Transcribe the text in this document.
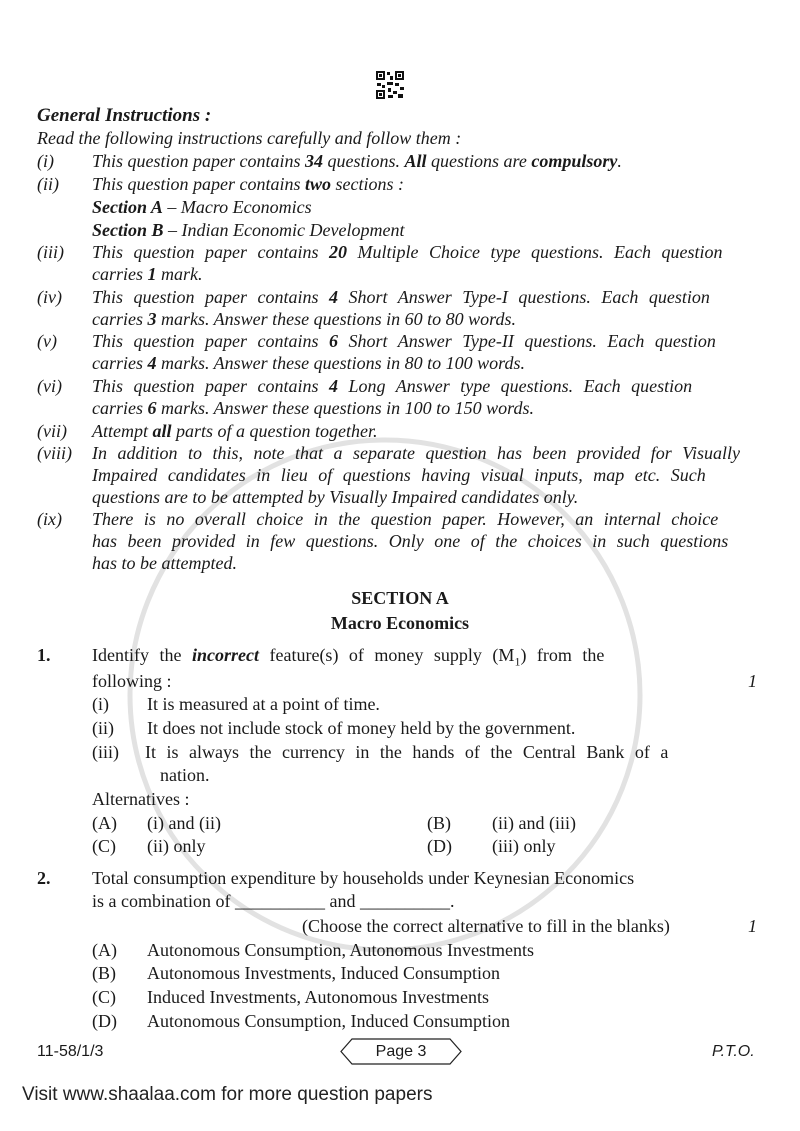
General Instructions :
Read the following instructions carefully and follow them :
(i) This question paper contains 34 questions. All questions are compulsory.
(ii) This question paper contains two sections :
Section A – Macro Economics
Section B – Indian Economic Development
(iii) This question paper contains 20 Multiple Choice type questions. Each question
carries 1 mark.
(iv) This question paper contains 4 Short Answer Type-I questions. Each question
carries 3 marks. Answer these questions in 60 to 80 words.
(v) This question paper contains 6 Short Answer Type-II questions. Each question
carries 4 marks. Answer these questions in 80 to 100 words.
(vi) This question paper contains 4 Long Answer type questions. Each question
carries 6 marks. Answer these questions in 100 to 150 words.
(vii) Attempt all parts of a question together.
(viii) In addition to this, note that a separate question has been provided for Visually
Impaired candidates in lieu of questions having visual inputs, map etc. Such
questions are to be attempted by Visually Impaired candidates only.
(ix) There is no overall choice in the question paper. However, an internal choice
has been provided in few questions. Only one of the choices in such questions
has to be attempted.
SECTION A
Macro Economics
1. Identify the incorrect feature(s) of money supply $(M_1)$ from the
following :	1
(i) It is measured at a point of time.
(ii) It does not include stock of money held by the government.
(iii) It is always the currency in the hands of the Central Bank of a
nation.
Alternatives :
(A) (i) and (ii)	(B) (ii) and (iii)
(C) (ii) only	(D) (iii) only
2. Total consumption expenditure by households under Keynesian Economics
is a combination of __________ and __________.
(Choose the correct alternative to fill in the blanks)	1
(A) Autonomous Consumption, Autonomous Investments
(B) Autonomous Investments, Induced Consumption
(C) Induced Investments, Autonomous Investments
(D) Autonomous Consumption, Induced Consumption
11-58/1/3	Page 3	P.T.O.
Visit www.shaalaa.com for more question papers
